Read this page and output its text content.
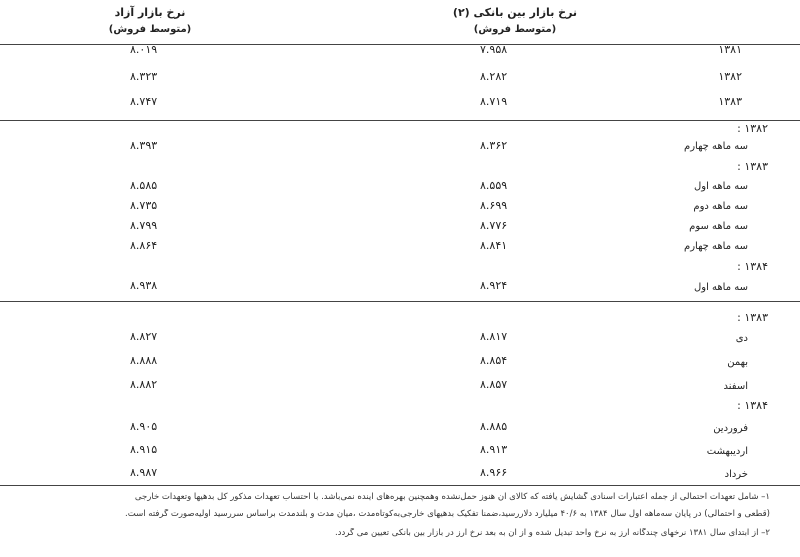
نرخ بازار آزاد
(متوسط فروش)
نرخ بازار بین بانکی (۲)
(متوسط فروش)
۱۳۸۱
۷.۹۵۸
۸.۰۱۹
۱۳۸۲
۸.۲۸۲
۸.۳۲۳
۱۳۸۳
۸.۷۱۹
۸.۷۴۷
۱۳۸۲ :
سه ماهه چهارم
۸.۳۶۲
۸.۳۹۳
۱۳۸۳ :
سه ماهه اول
۸.۵۵۹
۸.۵۸۵
سه ماهه دوم
۸.۶۹۹
۸.۷۳۵
سه ماهه سوم
۸.۷۷۶
۸.۷۹۹
سه ماهه چهارم
۸.۸۴۱
۸.۸۶۴
۱۳۸۴ :
سه ماهه اول
۸.۹۲۴
۸.۹۳۸
۱۳۸۳ :
دی
۸.۸۱۷
۸.۸۲۷
بهمن
۸.۸۵۴
۸.۸۸۸
اسفند
۸.۸۵۷
۸.۸۸۲
۱۳۸۴ :
فروردین
۸.۸۸۵
۸.۹۰۵
اردیبهشت
۸.۹۱۳
۸.۹۱۵
خرداد
۸.۹۶۶
۸.۹۸۷
۱– شامل تعهدات احتمالی از جمله اعتبارات اسنادی گشایش یافته که کالای آن هنوز حمل‌نشده وهمچنین بهره‌های آینده نمی‌باشد. با احتساب تعهدات مذکور کل بدهیها وتعهدات خارجی
(قطعی و احتمالی) در پایان سه‌ماهه اول سال ۱۳۸۴ به ۴۰/۶ میلیارد دلاررسید،ضمنا تفکیک بدهیهای خارجی‌به‌کوتاه‌مدت ،میان مدت و بلندمدت براساس سررسید اولیه‌صورت گرفته است.
۲– از ابتدای سال ۱۳۸۱ نرخهای چندگانه ارز به نرخ واحد تبدیل شده و از آن به بعد نرخ ارز در بازار بین بانکی تعیین می گردد.
